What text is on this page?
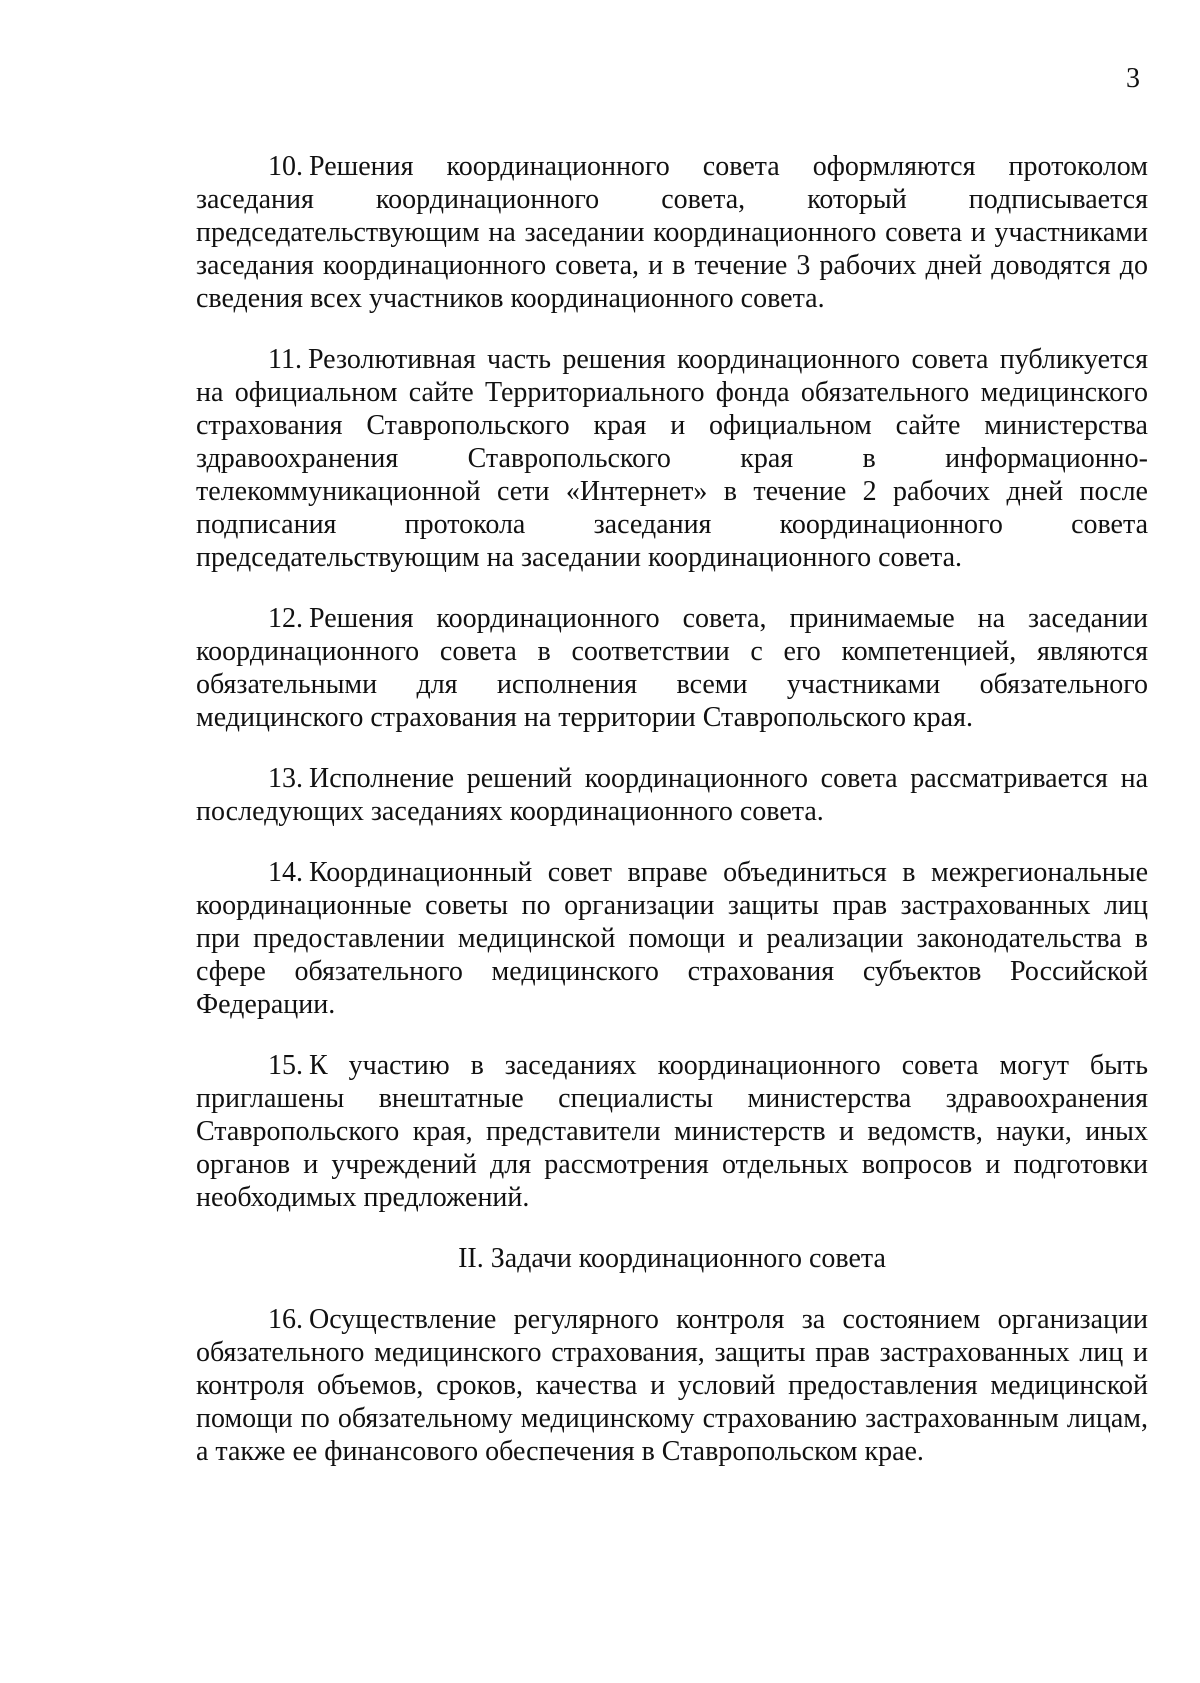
3

10. Решения координационного совета оформляются протоколом заседания координационного совета, который подписывается председательствующим на заседании координационного совета и участниками заседания координационного совета, и в течение 3 рабочих дней доводятся до сведения всех участников координационного совета.

11. Резолютивная часть решения координационного совета публикуется на официальном сайте Территориального фонда обязательного медицинского страхования Ставропольского края и официальном сайте министерства здравоохранения Ставропольского края в информационно-телекоммуникационной сети «Интернет» в течение 2 рабочих дней после подписания протокола заседания координационного совета председательствующим на заседании координационного совета.

12. Решения координационного совета, принимаемые на заседании координационного совета в соответствии с его компетенцией, являются обязательными для исполнения всеми участниками обязательного медицинского страхования на территории Ставропольского края.

13. Исполнение решений координационного совета рассматривается на последующих заседаниях координационного совета.

14. Координационный совет вправе объединиться в межрегиональные координационные советы по организации защиты прав застрахованных лиц при предоставлении медицинской помощи и реализации законодательства в сфере обязательного медицинского страхования субъектов Российской Федерации.

15. К участию в заседаниях координационного совета могут быть приглашены внештатные специалисты министерства здравоохранения Ставропольского края, представители министерств и ведомств, науки, иных органов и учреждений для рассмотрения отдельных вопросов и подготовки необходимых предложений.

II. Задачи координационного совета

16. Осуществление регулярного контроля за состоянием организации обязательного медицинского страхования, защиты прав застрахованных лиц и контроля объемов, сроков, качества и условий предоставления медицинской помощи по обязательному медицинскому страхованию застрахованным лицам, а также ее финансового обеспечения в Ставропольском крае.
